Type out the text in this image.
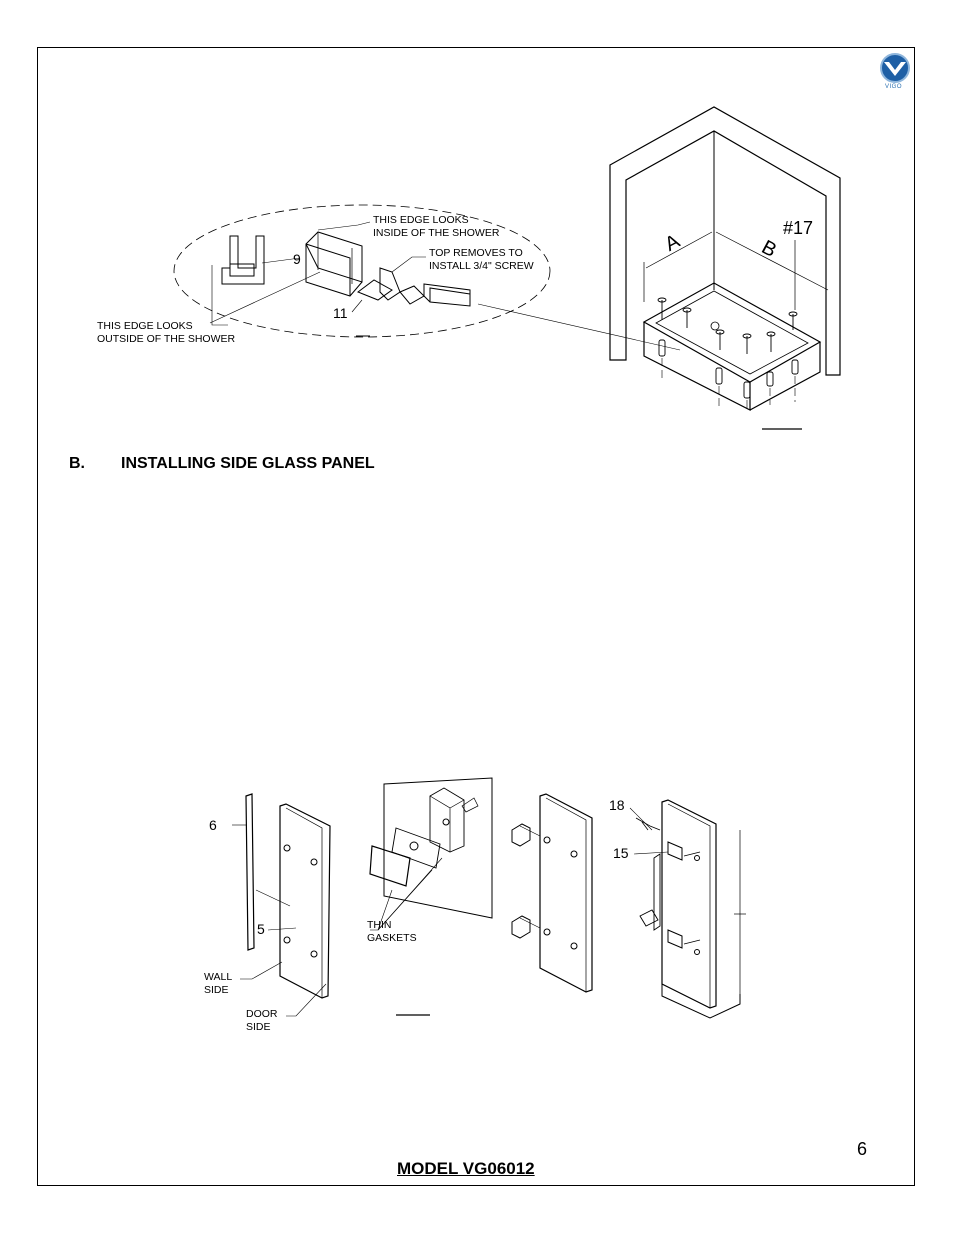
VIGO
THIS EDGE LOOKS
INSIDE OF THE SHOWER
TOP REMOVES TO
INSTALL 3/4" SCREW
THIS EDGE LOOKS
OUTSIDE OF THE SHOWER
9
11
#17
A	B
B. INSTALLING SIDE GLASS PANEL
6
5
18
15
WALL
SIDE
DOOR
SIDE
THIN
GASKETS
6
MODEL VG06012
